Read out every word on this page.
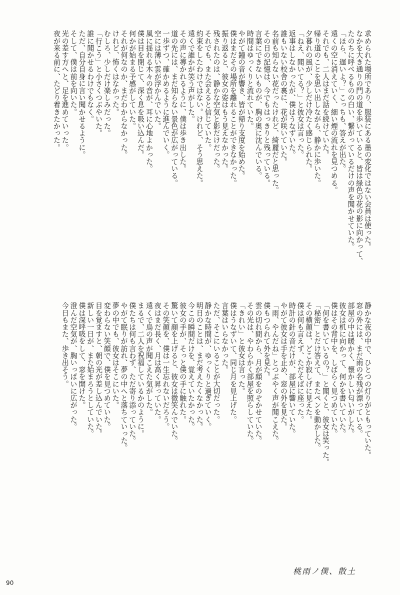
求められた場所であり、服装にある墨の変化ではない会員は使った。

なかを大き通りの門の道を歩いていると、皆は緑色の花の影に向かって、

たのちに呼べるものの白い、繋がっているだけの声を聞かせていた。

「ほら、遅いよ？」こっちも、答えが出た。

遠くの空に消えていく、細い煙の流れを見つめる。

それでも、二人はまだ話を続けていた。

帰り道のことを思い出しながら、静かに歩いた。

夕暮れの風が、少しだけ冷たく感じられた。

「ねえ、聞いてる？」と彼女は言った。

返事はしなかったが、僕はうなずいた。

誰もいない校舎の裏に、花が咲いていた。

名前も知らない花だったけれど、綺麗だと思った。

その日の記憶は、今でもはっきりと残っている。

言葉にできないものが、胸の奥に沈んでいる。

時間はゆっくりと流れていた。

やがて鐘の音が響き、皆が帰り支度を始めた。

僕はまだその場所を離れることができなかった。

振り返ると、彼女の姿はもう見えなかった。

残されたのは、静かな空気と影だけだった。

それでも、また会えると信じていた。

約束をしたわけではない。けれど、そう思えた。

遠くで誰かが笑う声がした。

その声に導かれるように、僕は歩き出した。

道の先には、まだ知らない景色が広がっている。

一歩ずつ、確かめるように進んでいく。

空には薄い雲が浮かんでいた。

風に揺れる木々の音が、耳に心地よかった。

僕は目を閉じて、深く息を吸い込んだ。

何かが始まる予感がしていた。

それが何なのか、まだわからなかった。

けれど、怖くはなかった。

むしろ、少しだけ楽しみだった。

「行こう」と小さくつぶやいた。

誰に聞かせるわけでもなく。

ただ、自分自身に言い聞かせるように。

そして、僕は前を向いた。

光の差す方へと、足を進めていった。

夜が来る前に、たどり着きたかった。

静かな夜の中で、ひとつの灯りがともっていた。

窓の外には、まだ雨の名残が漂っている。

部屋の中は暖かく、懐かしい匂いがした。

彼女は机に向かって、何かを書いていた。

僕はその背中を、しばらく見つめていた。

「何を書いているの？」と聞くと、彼女は笑った。

「秘密」とだけ答えて、またペンを動かした。

その横顔は、どこか寂しげに見えた。

僕は何も言えず、ただそばに座った。

時計の針の音だけが、部屋に響いていた。

やがて彼女は手を止め、窓の外を見た。

「雨、やんだね」とつぶやく声が聞こえた。

僕もつられて外を見た。

雲の切れ間から、月が顔をのぞかせていた。

その光は、やわらかく部屋を照らしていた。

「きれい」と彼女は言った。

僕はうなずいて、同じ月を見上げた。

言葉はいらなかった。

ただ、そこにいることが大切だった。

静かな時間が、ゆっくりと過ぎていく。

明日のことは、まだ考えたくなかった。

今この瞬間だけを、覚えていたかった。

彼女の手が、そっと僕の手に触れた。

驚いて顔を上げると、彼女は微笑んでいた。

その笑顔を、僕は一生忘れないだろう。

夜はまだ長く、月は高く昇っていた。

遠くで鳥の声が聞こえた気がした。

まるで、二人を祝福しているかのように。

僕たちは何も言わず、ただ寄り添っていた。

やがて眠りが訪れ、夢の中へと落ちていった。

夢の中でも、彼女はそこにいた。

変わらない笑顔で、僕を見つめていた。

目を覚ますと、朝の光が差し込んでいた。

新しい一日が、また始まろうとしていた。

僕は深呼吸をして、窓を開けた。

澄んだ空気が、胸いっぱいに広がった。

今日もまた、歩き出そう。

桃雨ノ僕、散土
90
